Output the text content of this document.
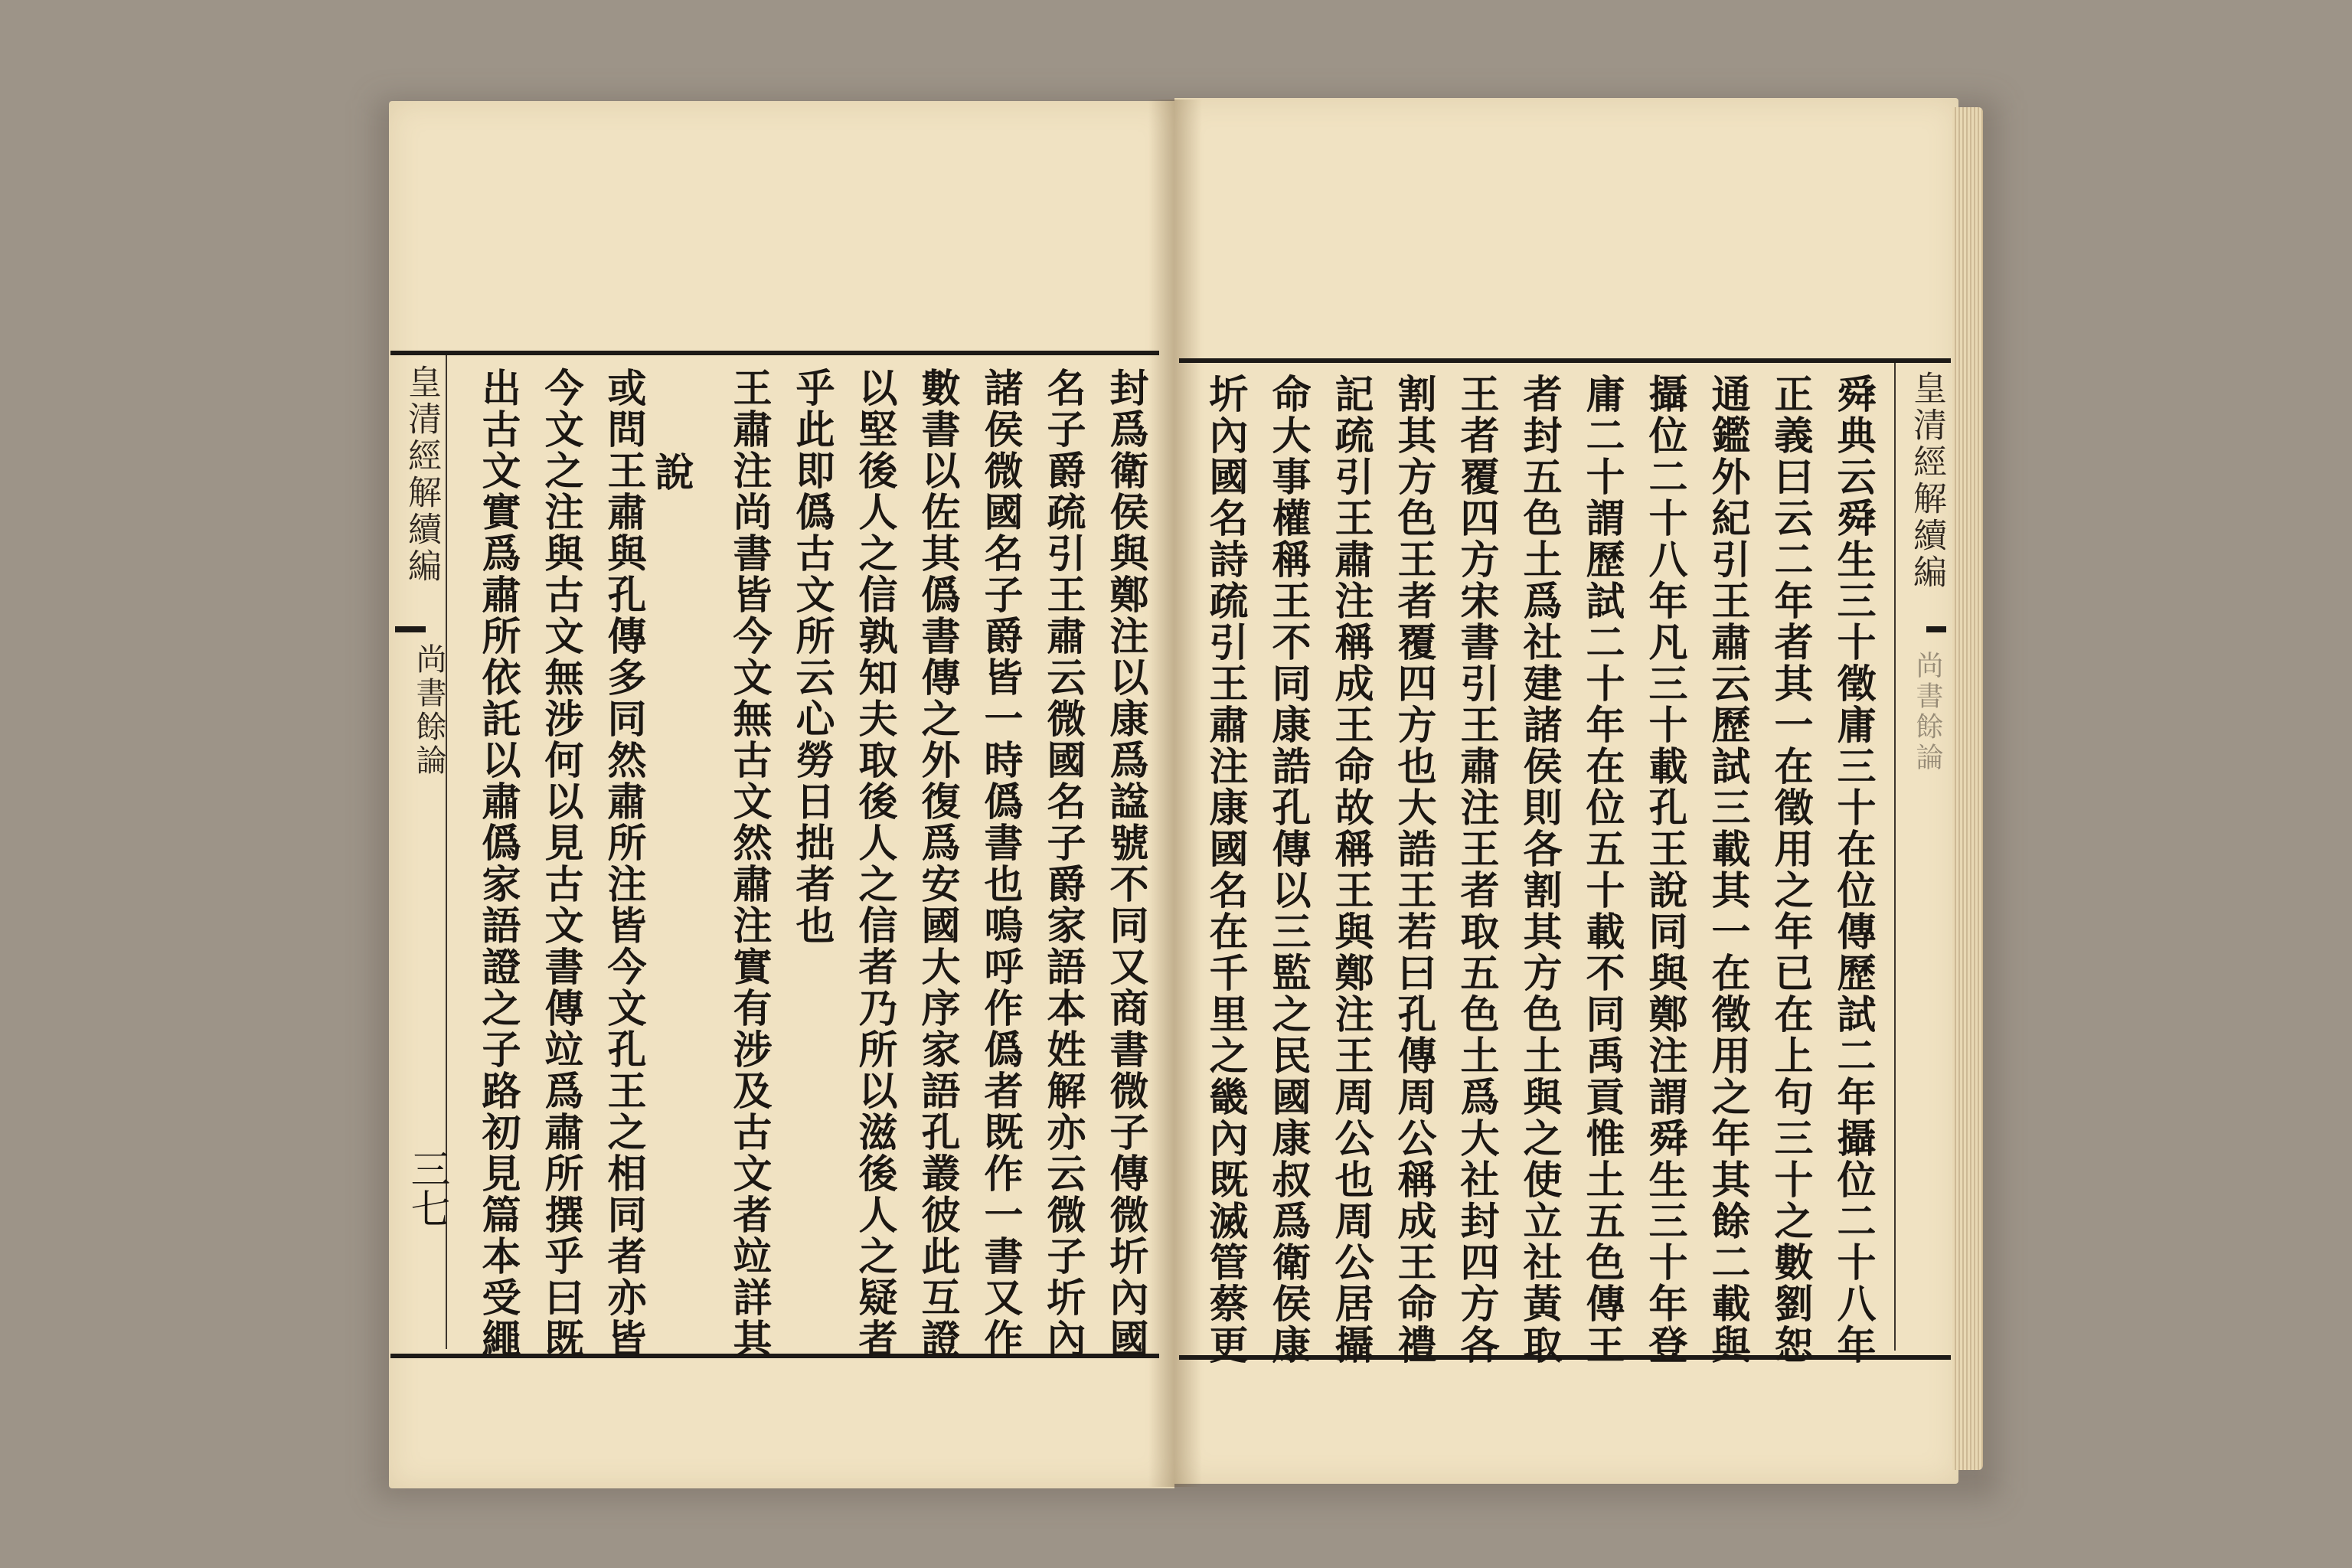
皇清經解續編
尚書餘論
三七	封爲衛侯與鄭注以康爲諡號不同又商書微子傳微圻內國
名子爵疏引王肅云微國名子爵家語本姓解亦云微子圻內
諸侯微國名子爵皆一時僞書也嗚呼作僞者既作一書又作
數書以佐其僞書傳之外復爲安國大序家語孔叢彼此互證
以堅後人之信孰知夫取後人之信者乃所以滋後人之疑者
乎此即僞古文所云心勞日拙者也
王肅注尚書皆今文無古文然肅注實有涉及古文者竝詳其
說
或問王肅與孔傳多同然肅所注皆今文孔王之相同者亦皆
今文之注與古文無涉何以見古文書傳竝爲肅所撰乎曰既
出古文實爲肅所依託以肅僞家語證之子路初見篇本受繩	皇清經解續編
尚書餘論
舜典云舜生三十徵庸三十在位傳歷試二年攝位二十八年
正義曰云二年者其一在徵用之年已在上句三十之數劉恕
通鑑外紀引王肅云歷試三載其一在徵用之年其餘二載與
攝位二十八年凡三十載孔王說同與鄭注謂舜生三十年登
庸二十謂歷試二十年在位五十載不同禹貢惟土五色傳王
者封五色土爲社建諸侯則各割其方色土與之使立社黃取
王者覆四方宋書引王肅注王者取五色土爲大社封四方各
割其方色王者覆四方也大誥王若曰孔傳周公稱成王命禮
記疏引王肅注稱成王命故稱王與鄭注王周公也周公居攝
命大事權稱王不同康誥孔傳以三監之民國康叔爲衛侯康
圻內國名詩疏引王肅注康國名在千里之畿內既滅管蔡更
